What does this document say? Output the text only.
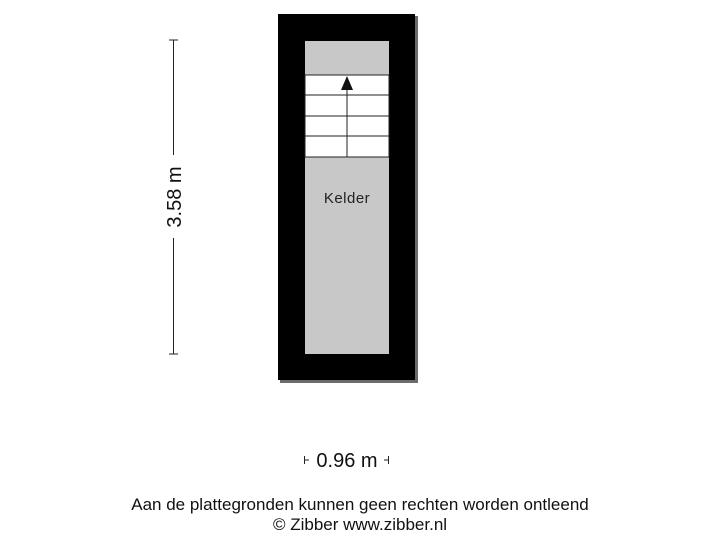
Kelder
3.58 m
0.96 m
Aan de plattegronden kunnen geen rechten worden ontleend
© Zibber www.zibber.nl
